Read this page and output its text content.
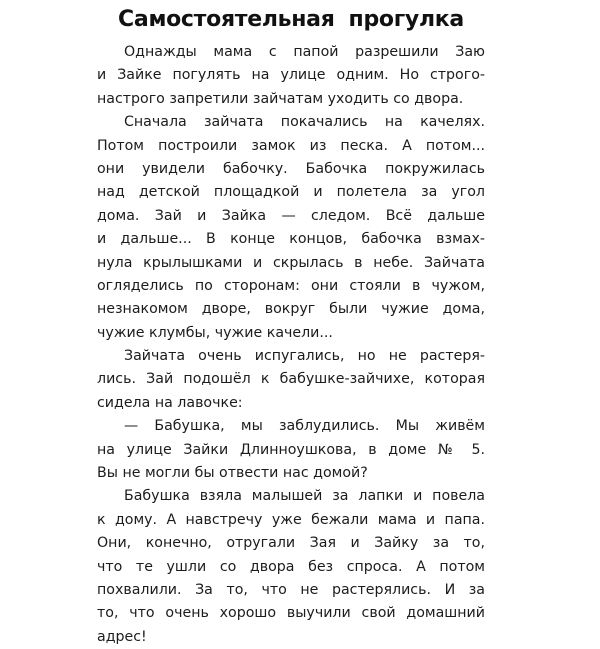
Самостоятельная прогулка
Однажды мама с папой разрешили Заю
и Зайке погулять на улице одним. Но строго-
настрого запретили зайчатам уходить со двора.
Сначала зайчата покачались на качелях.
Потом построили замок из песка. А потом...
они увидели бабочку. Бабочка покружилась
над детской площадкой и полетела за угол
дома. Зай и Зайка — следом. Всё дальше
и дальше... В конце концов, бабочка взмах-
нула крылышками и скрылась в небе. Зайчата
огляделись по сторонам: они стояли в чужом,
незнакомом дворе, вокруг были чужие дома,
чужие клумбы, чужие качели...
Зайчата очень испугались, но не растеря-
лись. Зай подошёл к бабушке-зайчихе, которая
сидела на лавочке:
— Бабушка, мы заблудились. Мы живём
на улице Зайки Длинноушкова, в доме № 5.
Вы не могли бы отвести нас домой?
Бабушка взяла малышей за лапки и повела
к дому. А навстречу уже бежали мама и папа.
Они, конечно, отругали Зая и Зайку за то,
что те ушли со двора без спроса. А потом
похвалили. За то, что не растерялись. И за
то, что очень хорошо выучили свой домашний
адрес!
